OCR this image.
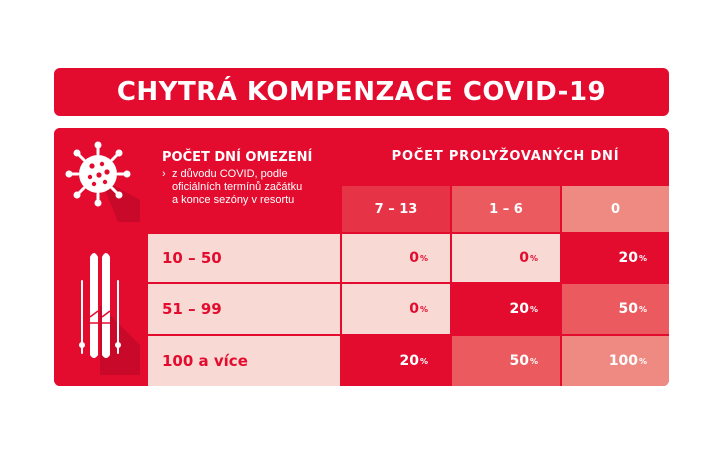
CHYTRÁ KOMPENZACE COVID-19
POČET DNÍ OMEZENÍ
› z důvodu COVID, podle
oficiálních termínů začátku
a konce sezóny v resortu
POČET PROLYŽOVANÝCH DNÍ
7 – 13	1 – 6	0
10 – 50	0 %	0 %	20 %
51 – 99	0 %	20 %	50 %
100 a více	20 %	50 %	100 %
